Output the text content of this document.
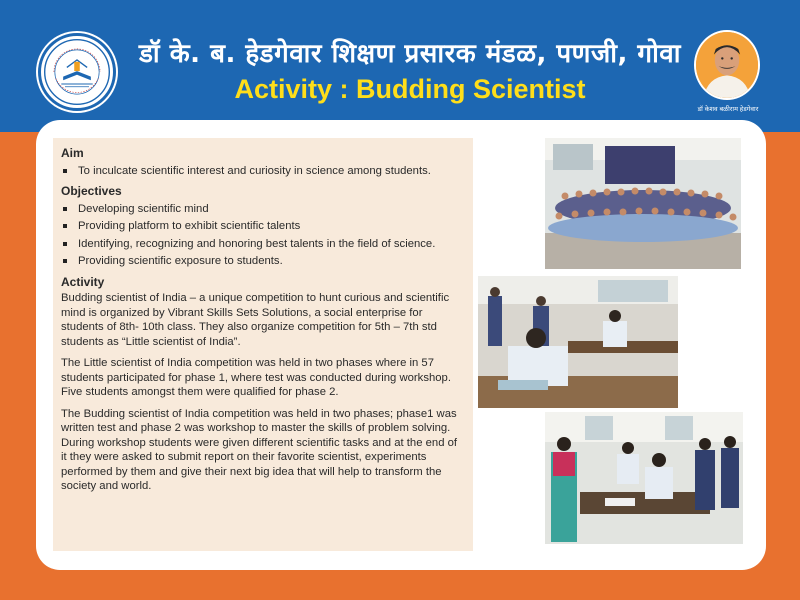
डॉ के. ब. हेडगेवार शिक्षण प्रसारक मंडळ, पणजी, गोवा
Activity : Budding Scientist
डॉ केशव बळीराम हेडगेवार
Aim
To inculcate scientific interest and curiosity in science among students.
Objectives
Developing scientific mind
Providing platform to exhibit scientific talents
Identifying, recognizing and honoring best talents in the field of science.
Providing scientific exposure to students.
Activity

Budding scientist of India – a unique competition to hunt curious and scientific mind is organized by Vibrant Skills Sets Solutions, a social enterprise for students of 8th- 10th class. They also organize competition for 5th – 7th std students as “Little scientist of India”.

The Little scientist of India competition was held in two phases where in 57 students participated for phase 1, where test was conducted during workshop. Five students amongst them were qualified for phase 2.

The Budding scientist of India competition was held in two phases; phase1 was written test and phase 2 was workshop to master the skills of problem solving. During workshop students were given different scientific tasks and at the end of it they were asked to submit report on their favorite scientist, experiments performed by them and give their next big idea that will help to transform the society and world.
